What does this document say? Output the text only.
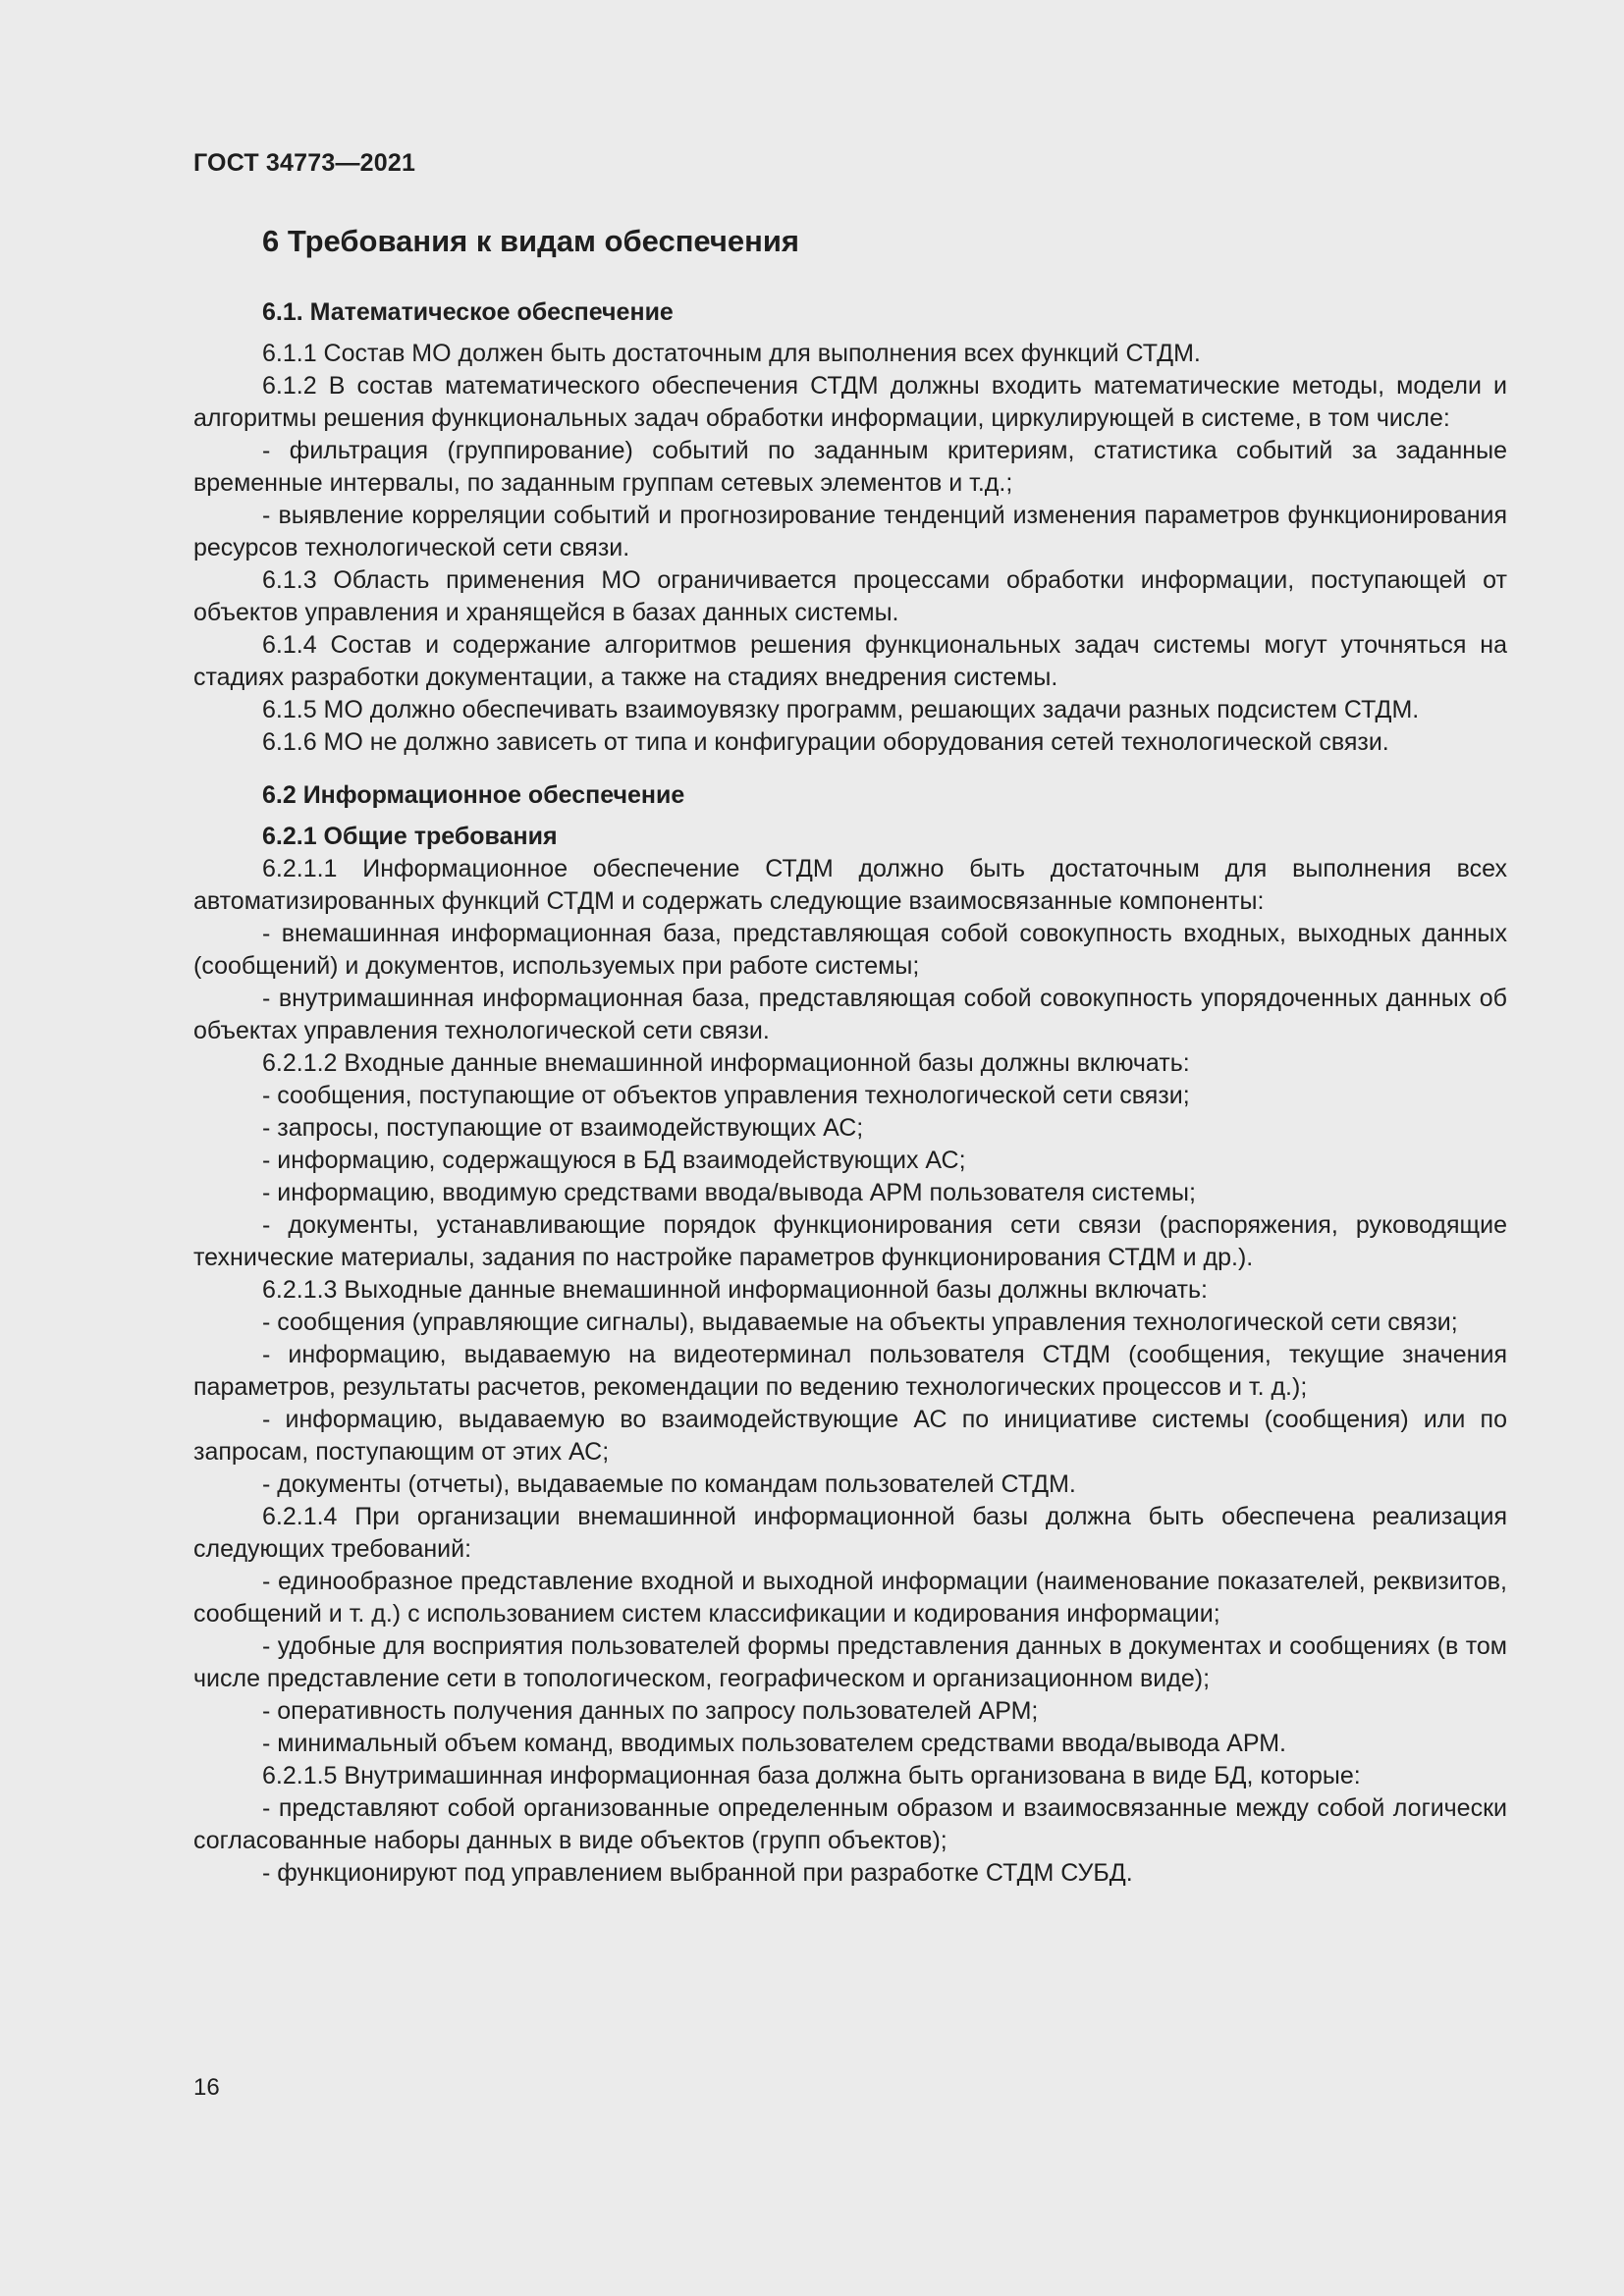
ГОСТ 34773—2021
6 Требования к видам обеспечения
6.1. Математическое обеспечение

6.1.1 Состав МО должен быть достаточным для выполнения всех функций СТДМ.

6.1.2 В состав математического обеспечения СТДМ должны входить математические методы, модели и алгоритмы решения функциональных задач обработки информации, циркулирующей в системе, в том числе:

- фильтрация (группирование) событий по заданным критериям, статистика событий за заданные временные интервалы, по заданным группам сетевых элементов и т.д.;

- выявление корреляции событий и прогнозирование тенденций изменения параметров функционирования ресурсов технологической сети связи.

6.1.3 Область применения МО ограничивается процессами обработки информации, поступающей от объектов управления и хранящейся в базах данных системы.

6.1.4 Состав и содержание алгоритмов решения функциональных задач системы могут уточняться на стадиях разработки документации, а также на стадиях внедрения системы.

6.1.5 МО должно обеспечивать взаимоувязку программ, решающих задачи разных подсистем СТДМ.

6.1.6 МО не должно зависеть от типа и конфигурации оборудования сетей технологической связи.

6.2 Информационное обеспечение
6.2.1 Общие требования

6.2.1.1 Информационное обеспечение СТДМ должно быть достаточным для выполнения всех автоматизированных функций СТДМ и содержать следующие взаимосвязанные компоненты:

- внемашинная информационная база, представляющая собой совокупность входных, выходных данных (сообщений) и документов, используемых при работе системы;

- внутримашинная информационная база, представляющая собой совокупность упорядоченных данных об объектах управления технологической сети связи.

6.2.1.2 Входные данные внемашинной информационной базы должны включать:

- сообщения, поступающие от объектов управления технологической сети связи;

- запросы, поступающие от взаимодействующих АС;

- информацию, содержащуюся в БД взаимодействующих АС;

- информацию, вводимую средствами ввода/вывода АРМ пользователя системы;

- документы, устанавливающие порядок функционирования сети связи (распоряжения, руководящие технические материалы, задания по настройке параметров функционирования СТДМ и др.).

6.2.1.3 Выходные данные внемашинной информационной базы должны включать:

- сообщения (управляющие сигналы), выдаваемые на объекты управления технологической сети связи;

- информацию, выдаваемую на видеотерминал пользователя СТДМ (сообщения, текущие значения параметров, результаты расчетов, рекомендации по ведению технологических процессов и т. д.);

- информацию, выдаваемую во взаимодействующие АС по инициативе системы (сообщения) или по запросам, поступающим от этих АС;

- документы (отчеты), выдаваемые по командам пользователей СТДМ.

6.2.1.4 При организации внемашинной информационной базы должна быть обеспечена реализация следующих требований:

- единообразное представление входной и выходной информации (наименование показателей, реквизитов, сообщений и т. д.) с использованием систем классификации и кодирования информации;

- удобные для восприятия пользователей формы представления данных в документах и сообщениях (в том числе представление сети в топологическом, географическом и организационном виде);

- оперативность получения данных по запросу пользователей АРМ;

- минимальный объем команд, вводимых пользователем средствами ввода/вывода АРМ.

6.2.1.5 Внутримашинная информационная база должна быть организована в виде БД, которые:

- представляют собой организованные определенным образом и взаимосвязанные между собой логически согласованные наборы данных в виде объектов (групп объектов);

- функционируют под управлением выбранной при разработке СТДМ СУБД.

16
